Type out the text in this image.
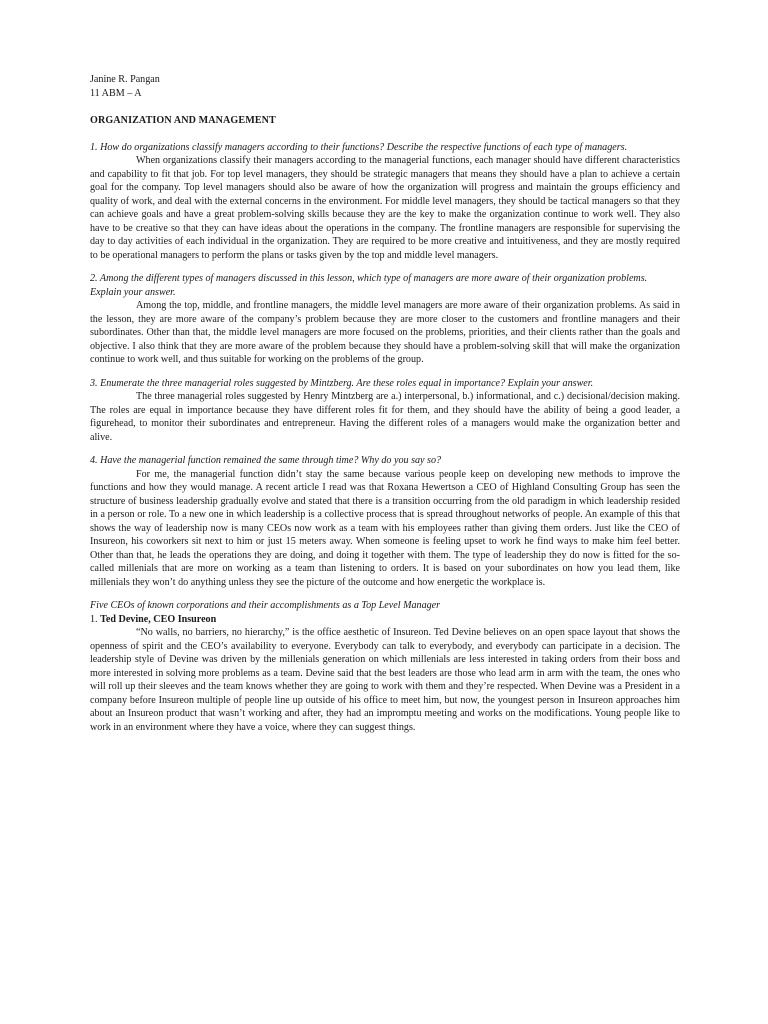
Janine R. Pangan
11 ABM – A
ORGANIZATION AND MANAGEMENT
1. How do organizations classify managers according to their functions? Describe the respective functions of each type of managers.

When organizations classify their managers according to the managerial functions, each manager should have different characteristics and capability to fit that job. For top level managers, they should be strategic managers that means they should have a plan to achieve a certain goal for the company. Top level managers should also be aware of how the organization will progress and maintain the groups efficiency and quality of work, and deal with the external concerns in the environment. For middle level managers, they should be tactical managers so that they can achieve goals and have a great problem-solving skills because they are the key to make the organization continue to work well. They also have to be creative so that they can have ideas about the operations in the company. The frontline managers are responsible for supervising the day to day activities of each individual in the organization. They are required to be more creative and intuitiveness, and they are mostly required to be operational managers to perform the plans or tasks given by the top and middle level managers.

2. Among the different types of managers discussed in this lesson, which type of managers are more aware of their organization problems. Explain your answer.

Among the top, middle, and frontline managers, the middle level managers are more aware of their organization problems. As said in the lesson, they are more aware of the company’s problem because they are more closer to the customers and frontline managers and their subordinates. Other than that, the middle level managers are more focused on the problems, priorities, and their clients rather than the goals and objective. I also think that they are more aware of the problem because they should have a problem-solving skill that will make the organization continue to work well, and thus suitable for working on the problems of the group.

3. Enumerate the three managerial roles suggested by Mintzberg. Are these roles equal in importance? Explain your answer.

The three managerial roles suggested by Henry Mintzberg are a.) interpersonal, b.) informational, and c.) decisional/decision making. The roles are equal in importance because they have different roles fit for them, and they should have the ability of being a good leader, a figurehead, to monitor their subordinates and entrepreneur. Having the different roles of a managers would make the organization better and alive.

4. Have the managerial function remained the same through time? Why do you say so?

For me, the managerial function didn’t stay the same because various people keep on developing new methods to improve the functions and how they would manage. A recent article I read was that Roxana Hewertson a CEO of Highland Consulting Group has seen the structure of business leadership gradually evolve and stated that there is a transition occurring from the old paradigm in which leadership resided in a person or role. To a new one in which leadership is a collective process that is spread throughout networks of people. An example of this that shows the way of leadership now is many CEOs now work as a team with his employees rather than giving them orders. Just like the CEO of Insureon, his coworkers sit next to him or just 15 meters away. When someone is feeling upset to work he find ways to make him feel better. Other than that, he leads the operations they are doing, and doing it together with them. The type of leadership they do now is fitted for the so-called millenials that are more on working as a team than listening to orders. It is based on your subordinates on how you lead them, like millenials they won’t do anything unless they see the picture of the outcome and how energetic the workplace is.

Five CEOs of known corporations and their accomplishments as a Top Level Manager
1. Ted Devine, CEO Insureon

“No walls, no barriers, no hierarchy,” is the office aesthetic of Insureon. Ted Devine believes on an open space layout that shows the openness of spirit and the CEO’s availability to everyone. Everybody can talk to everybody, and everybody can participate in a decision. The leadership style of Devine was driven by the millenials generation on which millenials are less interested in taking orders from their boss and more interested in solving more problems as a team. Devine said that the best leaders are those who lead arm in arm with the team, the ones who will roll up their sleeves and the team knows whether they are going to work with them and they’re respected. When Devine was a President in a company before Insureon multiple of people line up outside of his office to meet him, but now, the youngest person in Insureon approaches him about an Insureon product that wasn’t working and after, they had an impromptu meeting and works on the modifications. Young people like to work in an environment where they have a voice, where they can suggest things.
